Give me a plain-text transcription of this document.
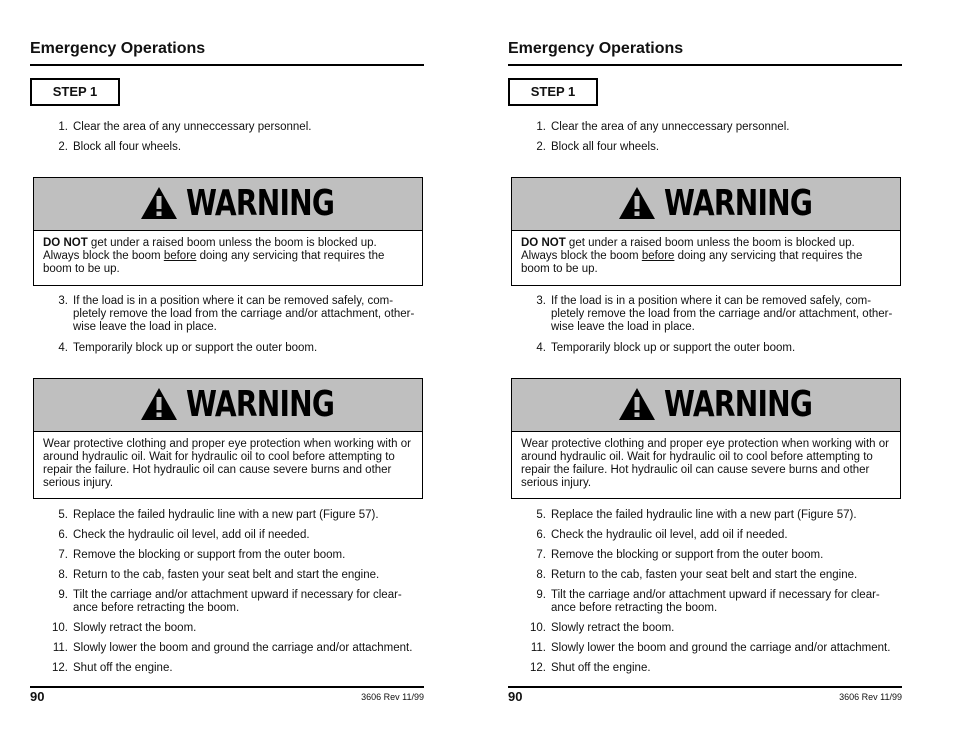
Emergency Operations
STEP 1
1. Clear the area of any unneccessary personnel.
2. Block all four wheels.
WARNING
DO NOT get under a raised boom unless the boom is blocked up. Always block the boom before doing any servicing that requires the boom to be up.
3. If the load is in a position where it can be removed safely, com-pletely remove the load from the carriage and/or attachment, other-wise leave the load in place.
4. Temporarily block up or support the outer boom.
WARNING
Wear protective clothing and proper eye protection when working with or around hydraulic oil. Wait for hydraulic oil to cool before attempting to repair the failure. Hot hydraulic oil can cause severe burns and other serious injury.
5. Replace the failed hydraulic line with a new part (Figure 57).
6. Check the hydraulic oil level, add oil if needed.
7. Remove the blocking or support from the outer boom.
8. Return to the cab, fasten your seat belt and start the engine.
9. Tilt the carriage and/or attachment upward if necessary for clear-ance before retracting the boom.
10. Slowly retract the boom.
11. Slowly lower the boom and ground the carriage and/or attachment.
12. Shut off the engine.
90	3606 Rev 11/99
Emergency Operations
STEP 1
1. Clear the area of any unneccessary personnel.
2. Block all four wheels.
WARNING
DO NOT get under a raised boom unless the boom is blocked up. Always block the boom before doing any servicing that requires the boom to be up.
3. If the load is in a position where it can be removed safely, com-pletely remove the load from the carriage and/or attachment, other-wise leave the load in place.
4. Temporarily block up or support the outer boom.
WARNING
Wear protective clothing and proper eye protection when working with or around hydraulic oil. Wait for hydraulic oil to cool before attempting to repair the failure. Hot hydraulic oil can cause severe burns and other serious injury.
5. Replace the failed hydraulic line with a new part (Figure 57).
6. Check the hydraulic oil level, add oil if needed.
7. Remove the blocking or support from the outer boom.
8. Return to the cab, fasten your seat belt and start the engine.
9. Tilt the carriage and/or attachment upward if necessary for clear-ance before retracting the boom.
10. Slowly retract the boom.
11. Slowly lower the boom and ground the carriage and/or attachment.
12. Shut off the engine.
90	3606 Rev 11/99
